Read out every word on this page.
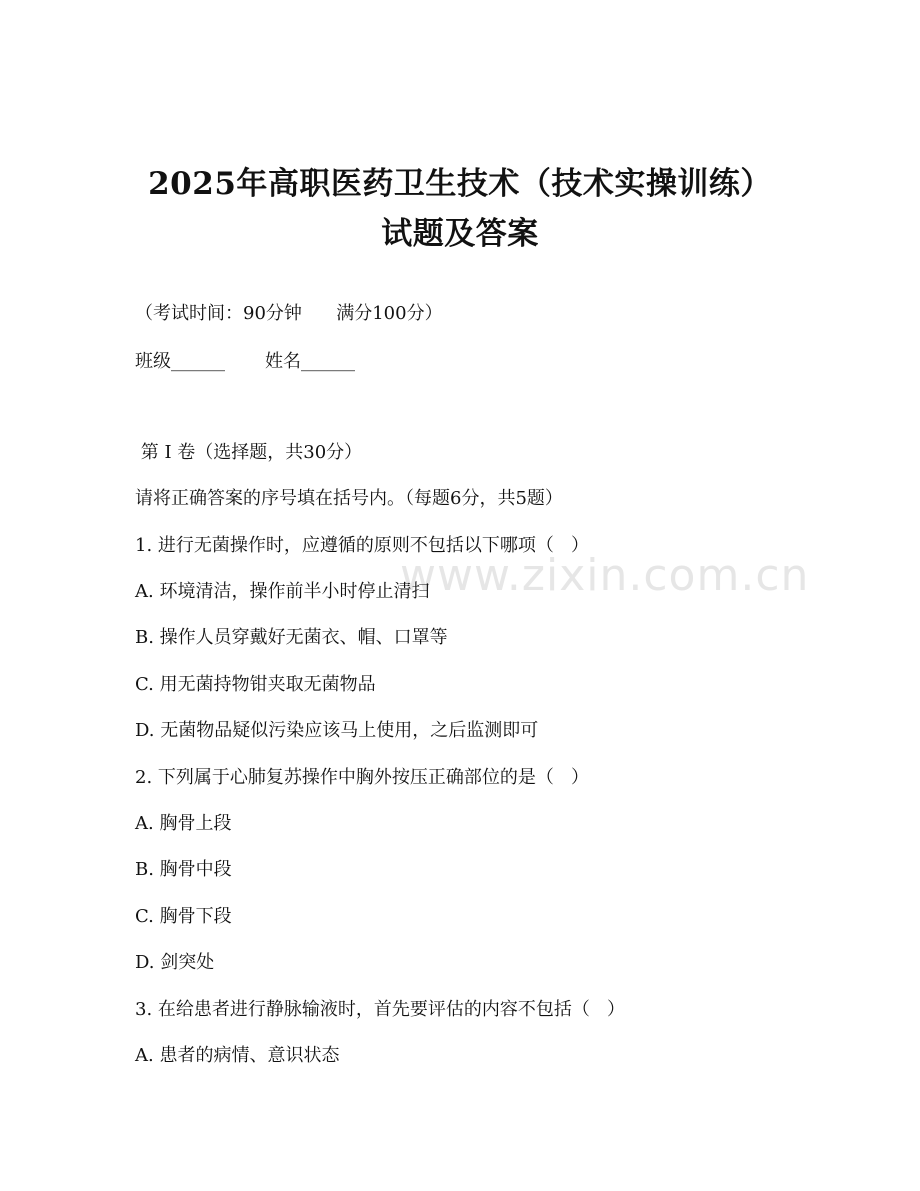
www.zixin.com.cn
2025年高职医药卫生技术（技术实操训练）
试题及答案
（考试时间：90分钟      满分100分）
班级______       姓名______
第 I 卷（选择题，共30分）
请将正确答案的序号填在括号内。（每题6分，共5题）
1. 进行无菌操作时，应遵循的原则不包括以下哪项（   ）
A. 环境清洁，操作前半小时停止清扫
B. 操作人员穿戴好无菌衣、帽、口罩等
C. 用无菌持物钳夹取无菌物品
D. 无菌物品疑似污染应该马上使用，之后监测即可
2. 下列属于心肺复苏操作中胸外按压正确部位的是（   ）
A. 胸骨上段
B. 胸骨中段
C. 胸骨下段
D. 剑突处
3. 在给患者进行静脉输液时，首先要评估的内容不包括（   ）
A. 患者的病情、意识状态
